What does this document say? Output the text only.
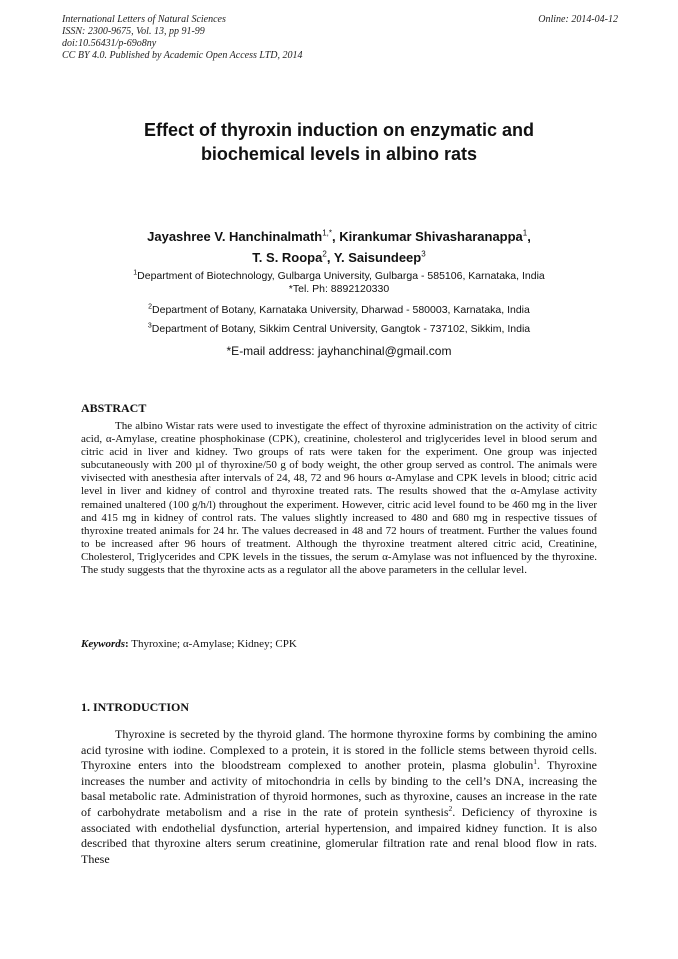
International Letters of Natural Sciences
ISSN: 2300-9675, Vol. 13, pp 91-99
doi:10.56431/p-69o8ny
CC BY 4.0. Published by Academic Open Access LTD, 2014
Online: 2014-04-12
Effect of thyroxin induction on enzymatic and
biochemical levels in albino rats
Jayashree V. Hanchinalmath$^{1,*}$, Kirankumar Shivasharanappa$^1$,
T. S. Roopa$^2$, Y. Saisundeep$^3$
$^1$Department of Biotechnology, Gulbarga University, Gulbarga - 585106, Karnataka, India
*Tel. Ph: 8892120330
$^2$Department of Botany, Karnataka University, Dharwad - 580003, Karnataka, India
$^3$Department of Botany, Sikkim Central University, Gangtok - 737102, Sikkim, India
*E-mail address: jayhanchinal@gmail.com
ABSTRACT

The albino Wistar rats were used to investigate the effect of thyroxine administration on the activity of citric acid, α-Amylase, creatine phosphokinase (CPK), creatinine, cholesterol and triglycerides level in blood serum and citric acid in liver and kidney. Two groups of rats were taken for the experiment. One group was injected subcutaneously with 200 µl of thyroxine/50 g of body weight, the other group served as control. The animals were vivisected with anesthesia after intervals of 24, 48, 72 and 96 hours α-Amylase and CPK levels in blood; citric acid level in liver and kidney of control and thyroxine treated rats. The results showed that the α-Amylase activity remained unaltered (100 g/h/l) throughout the experiment. However, citric acid level found to be 460 mg in the liver and 415 mg in kidney of control rats. The values slightly increased to 480 and 680 mg in respective tissues of thyroxine treated animals for 24 hr. The values decreased in 48 and 72 hours of treatment. Further the values found to be increased after 96 hours of treatment. Although the thyroxine treatment altered citric acid, Creatinine, Cholesterol, Triglycerides and CPK levels in the tissues, the serum α-Amylase was not influenced by the thyroxine. The study suggests that the thyroxine acts as a regulator all the above parameters in the cellular level.

Keywords: Thyroxine; α-Amylase; Kidney; CPK
1. INTRODUCTION

Thyroxine is secreted by the thyroid gland. The hormone thyroxine forms by combining the amino acid tyrosine with iodine. Complexed to a protein, it is stored in the follicle stems between thyroid cells. Thyroxine enters into the bloodstream complexed to another protein, plasma globulin$^1$. Thyroxine increases the number and activity of mitochondria in cells by binding to the cell’s DNA, increasing the basal metabolic rate. Administration of thyroid hormones, such as thyroxine, causes an increase in the rate of carbohydrate metabolism and a rise in the rate of protein synthesis$^2$. Deficiency of thyroxine is associated with endothelial dysfunction, arterial hypertension, and impaired kidney function. It is also described that thyroxine alters serum creatinine, glomerular filtration rate and renal blood flow in rats. These
